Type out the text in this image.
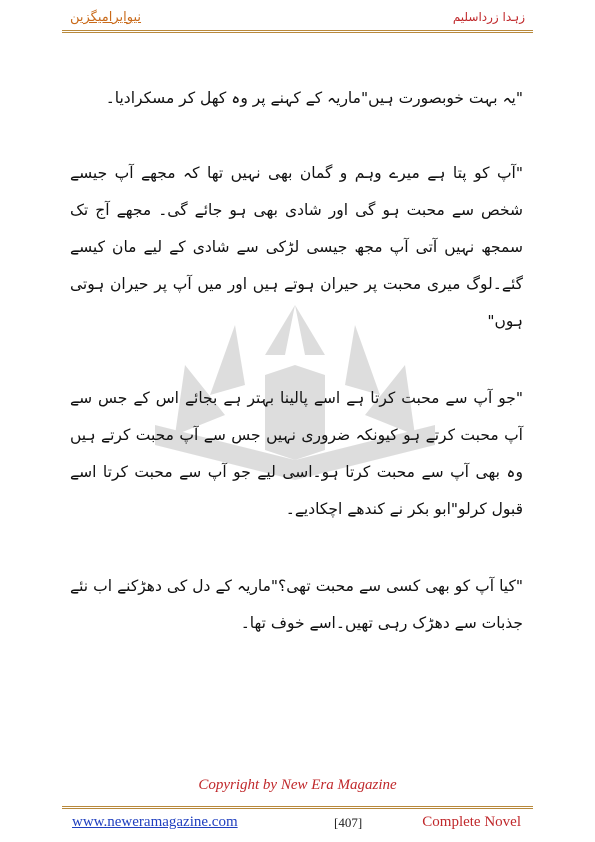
نیوایرامیگزین	زہدا زرداسلیم

"یہ بہت خوبصورت ہیں"ماریہ کے کہنے پر وہ کھل کر مسکرادیا۔

"آپ کو پتا ہے میرے وہم و گمان بھی نہیں تھا کہ مجھے آپ جیسے شخص سے محبت ہو گی اور شادی بھی ہو جائے گی۔ مجھے آج تک سمجھ نہیں آتی آپ مجھ جیسی لڑکی سے شادی کے لیے مان کیسے گئے۔لوگ میری محبت پر حیران ہوتے ہیں اور میں آپ پر حیران ہوتی ہوں"

"جو آپ سے محبت کرتا ہے اسے پالینا بہتر ہے بجائے اس کے جس سے آپ محبت کرتے ہو کیونکہ ضروری نہیں جس سے آپ محبت کرتے ہیں وہ بھی آپ سے محبت کرتا ہو۔اسی لیے جو آپ سے محبت کرتا اسے قبول کرلو"ابو بکر نے کندھے اچکادیے۔

"کیا آپ کو بھی کسی سے محبت تھی؟"ماریہ کے دل کی دھڑکنے اب نئے جذبات سے دھڑک رہی تھیں۔اسے خوف تھا۔

Copyright by New Era Magazine
www.neweramagazine.com	[407]	Complete Novel
